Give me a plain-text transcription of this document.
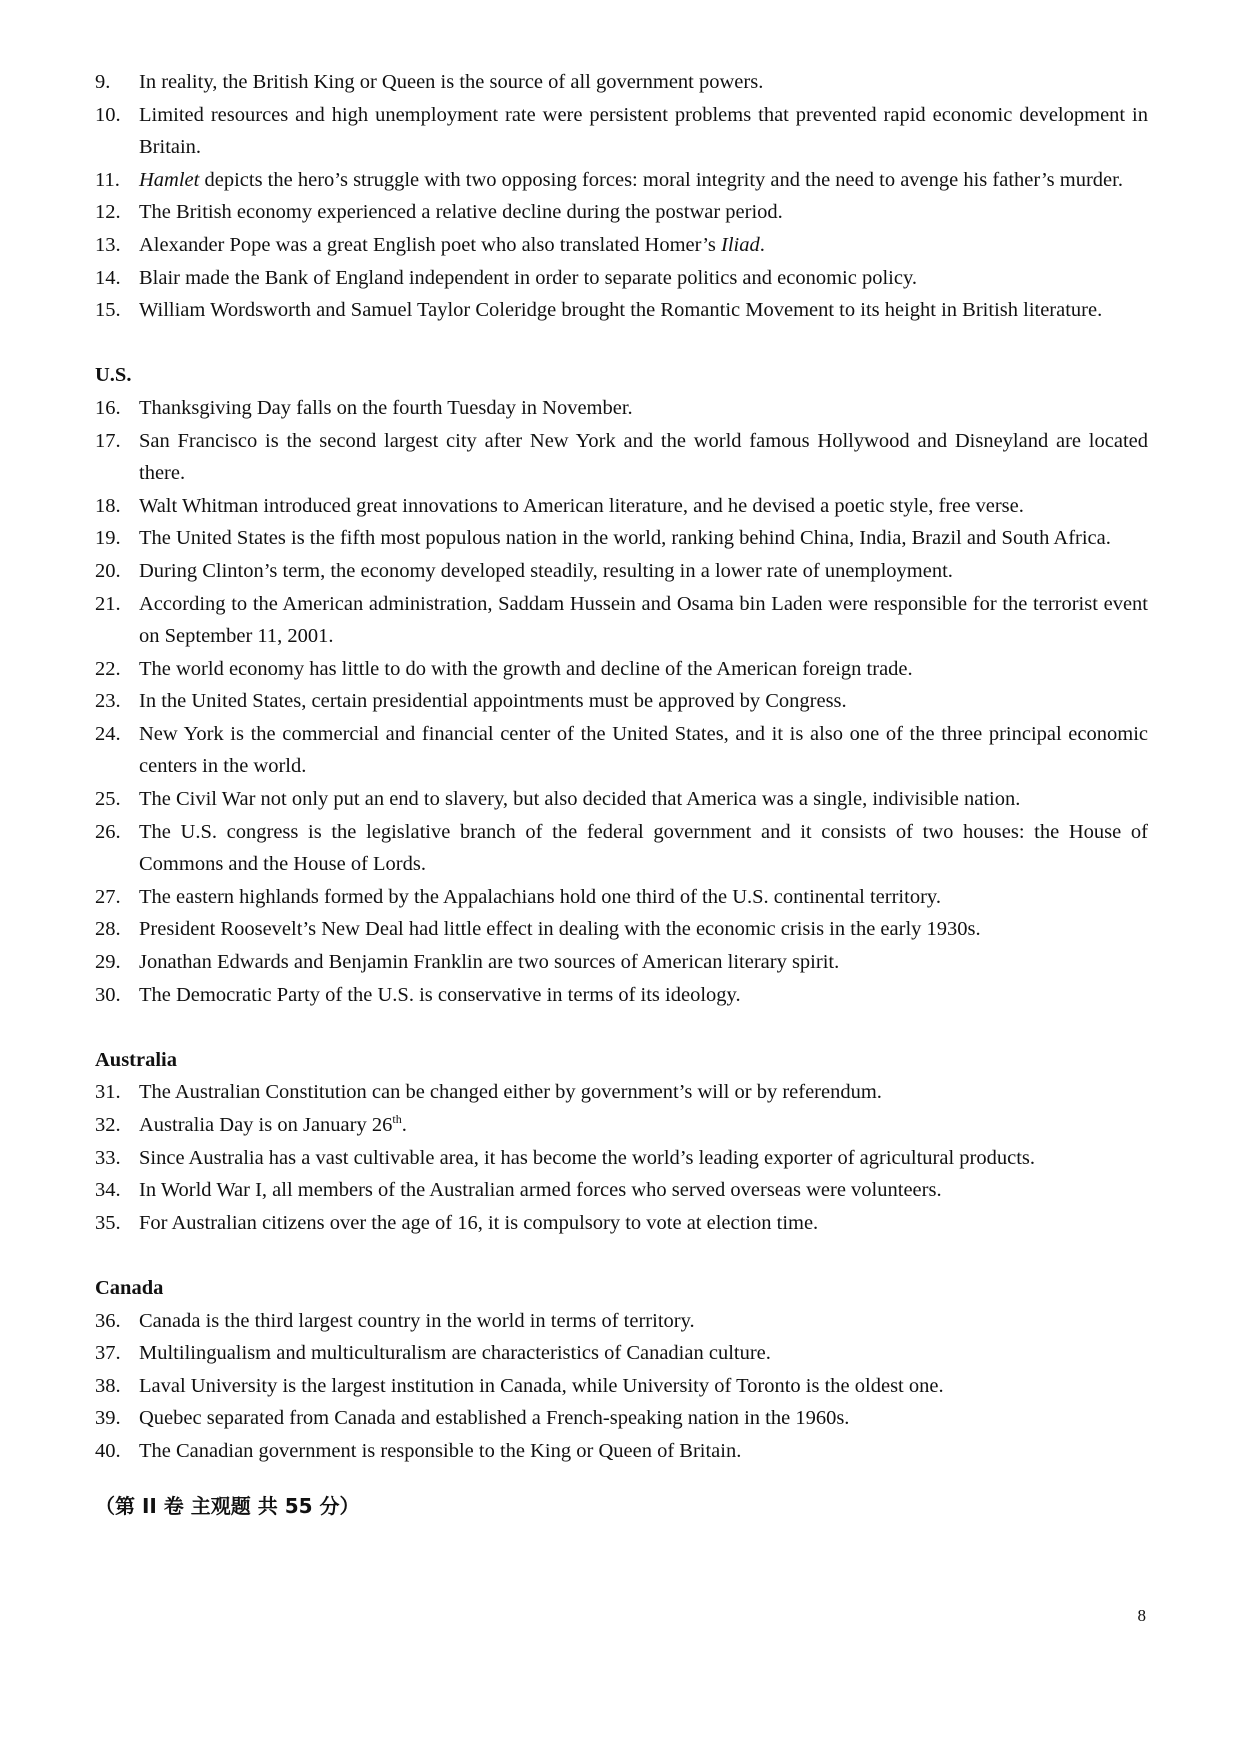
9.	In reality, the British King or Queen is the source of all government powers.
10. Limited resources and high unemployment rate were persistent problems that prevented rapid economic development in Britain.
11. Hamlet depicts the hero’s struggle with two opposing forces: moral integrity and the need to avenge his father’s murder.
12. The British economy experienced a relative decline during the postwar period.
13. Alexander Pope was a great English poet who also translated Homer’s Iliad.
14. Blair made the Bank of England independent in order to separate politics and economic policy.
15. William Wordsworth and Samuel Taylor Coleridge brought the Romantic Movement to its height in British literature.
U.S.
16. Thanksgiving Day falls on the fourth Tuesday in November.
17. San Francisco is the second largest city after New York and the world famous Hollywood and Disneyland are located there.
18. Walt Whitman introduced great innovations to American literature, and he devised a poetic style, free verse.
19. The United States is the fifth most populous nation in the world, ranking behind China, India, Brazil and South Africa.
20. During Clinton’s term, the economy developed steadily, resulting in a lower rate of unemployment.
21. According to the American administration, Saddam Hussein and Osama bin Laden were responsible for the terrorist event on September 11, 2001.
22. The world economy has little to do with the growth and decline of the American foreign trade.
23. In the United States, certain presidential appointments must be approved by Congress.
24. New York is the commercial and financial center of the United States, and it is also one of the three principal economic centers in the world.
25. The Civil War not only put an end to slavery, but also decided that America was a single, indivisible nation.
26. The U.S. congress is the legislative branch of the federal government and it consists of two houses: the House of Commons and the House of Lords.
27. The eastern highlands formed by the Appalachians hold one third of the U.S. continental territory.
28. President Roosevelt’s New Deal had little effect in dealing with the economic crisis in the early 1930s.
29. Jonathan Edwards and Benjamin Franklin are two sources of American literary spirit.
30. The Democratic Party of the U.S. is conservative in terms of its ideology.
Australia
31. The Australian Constitution can be changed either by government’s will or by referendum.
32. Australia Day is on January 26th.
33. Since Australia has a vast cultivable area, it has become the world’s leading exporter of agricultural products.
34. In World War I, all members of the Australian armed forces who served overseas were volunteers.
35. For Australian citizens over the age of 16, it is compulsory to vote at election time.
Canada
36. Canada is the third largest country in the world in terms of territory.
37. Multilingualism and multiculturalism are characteristics of Canadian culture.
38. Laval University is the largest institution in Canada, while University of Toronto is the oldest one.
39. Quebec separated from Canada and established a French-speaking nation in the 1960s.
40. The Canadian government is responsible to the King or Queen of Britain.
（第 II 卷 主观题 共 55 分）
8
